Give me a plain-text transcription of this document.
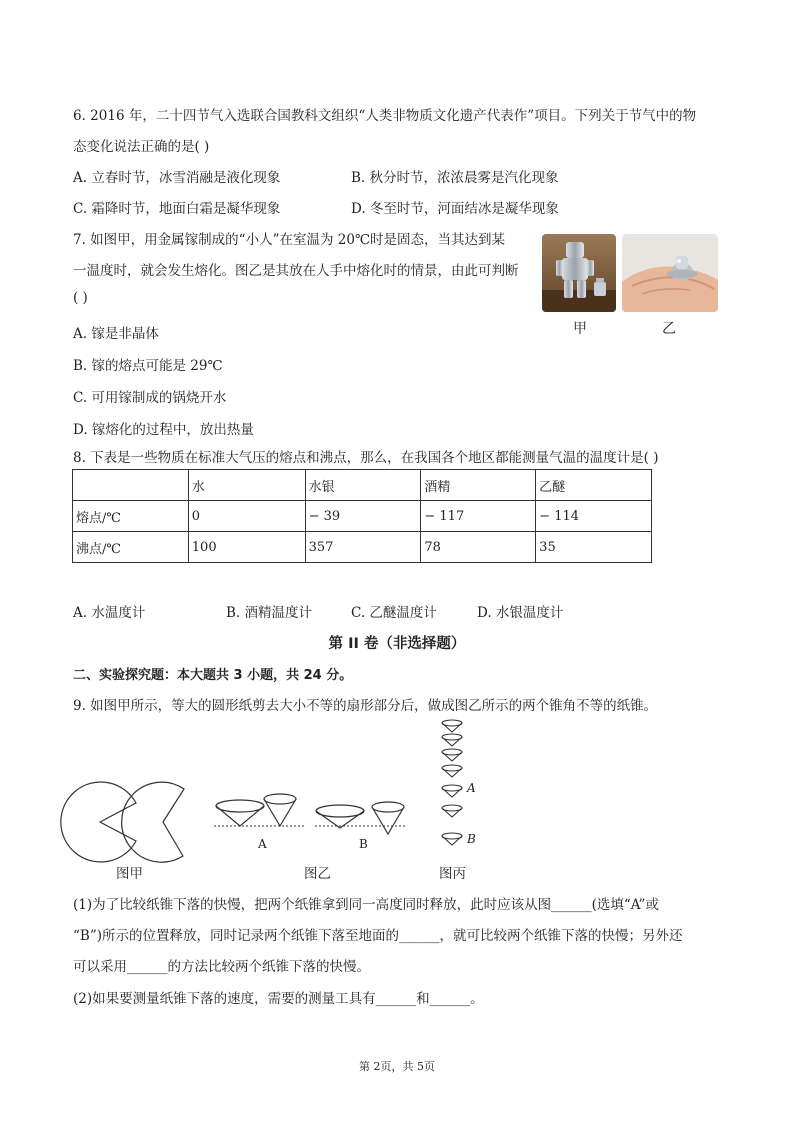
6. 2016 年，二十四节气入选联合国教科文组织“人类非物质文化遗产代表作”项目。下列关于节气中的物
态变化说法正确的是( )
A. 立春时节，冰雪消融是液化现象	B. 秋分时节，浓浓晨雾是汽化现象
C. 霜降时节，地面白霜是凝华现象	D. 冬至时节，河面结冰是凝华现象
7. 如图甲，用金属镓制成的“小人”在室温为 20℃时是固态，当其达到某
一温度时，就会发生熔化。图乙是其放在人手中熔化时的情景，由此可判断
( )
A. 镓是非晶体
B. 镓的熔点可能是 29℃
C. 可用镓制成的锅烧开水
D. 镓熔化的过程中，放出热量
甲	乙
8. 下表是一些物质在标准大气压的熔点和沸点，那么，在我国各个地区都能测量气温的温度计是( )
	水	水银	酒精	乙醚
熔点/℃	0	− 39	− 117	− 114
沸点/℃	100	357	78	35
A. 水温度计	B. 酒精温度计	C. 乙醚温度计	D. 水银温度计
第 II 卷（非选择题）
二、实验探究题：本大题共 3 小题，共 24 分。
9. 如图甲所示，等大的圆形纸剪去大小不等的扇形部分后，做成图乙所示的两个锥角不等的纸锥。
A	B
A
B
图甲	图乙	图丙
(1)为了比较纸锥下落的快慢，把两个纸锥拿到同一高度同时释放，此时应该从图______(选填“A”或
“B”)所示的位置释放，同时记录两个纸锥下落至地面的______，就可比较两个纸锥下落的快慢；另外还
可以采用______的方法比较两个纸锥下落的快慢。
(2)如果要测量纸锥下落的速度，需要的测量工具有______和______。
第 2页，共 5页
